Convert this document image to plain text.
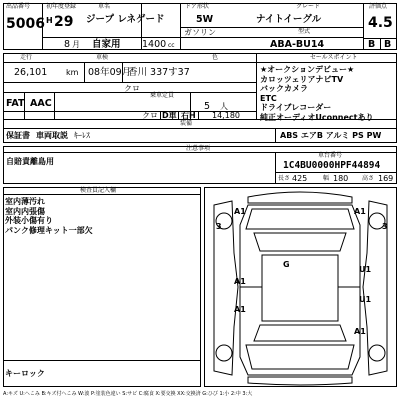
出品番号
5006
初年度登録
H 29
車名
ジープ レネゲード
ドア形状
5W
グレード
ナイトイーグル
評価点
4.5
8 月 自家用 1400 cc
ガソリン	型式
ABA-BU14	B B
走行	車検	色	セールスポイント
26,101 km 08年09月
香川 337す37
FAT AAC
クロ
乗車定員
5 人
クロ D車 右H 14,180
★オークションデビュー★
カロッツェリアナビTV
バックカメラ
ETC
ドライブレコーダー
純正オーディオUconnectあり
装備
保証書 車両取説 ｷｰﾚｽ	ABS エアB アルミ PS PW
注意事項
自賠責離島用
車台番号
1C4BU0000HPF44894
長さ 425	幅 180 高さ 169
検査員記入欄
室内薄汚れ
室内内張傷
外装小傷有り
パンク修理キット一部欠
キーロック
3
A1	A1
U1
G
U1
A1
A1
A1
3
A:キズ U:へこみ B:キズ付へこみ W:波 P:塗装色違い S:サビ C:腐食 X:要交換 XX:交換済 G:ひび 1:小 2:中 3:大
